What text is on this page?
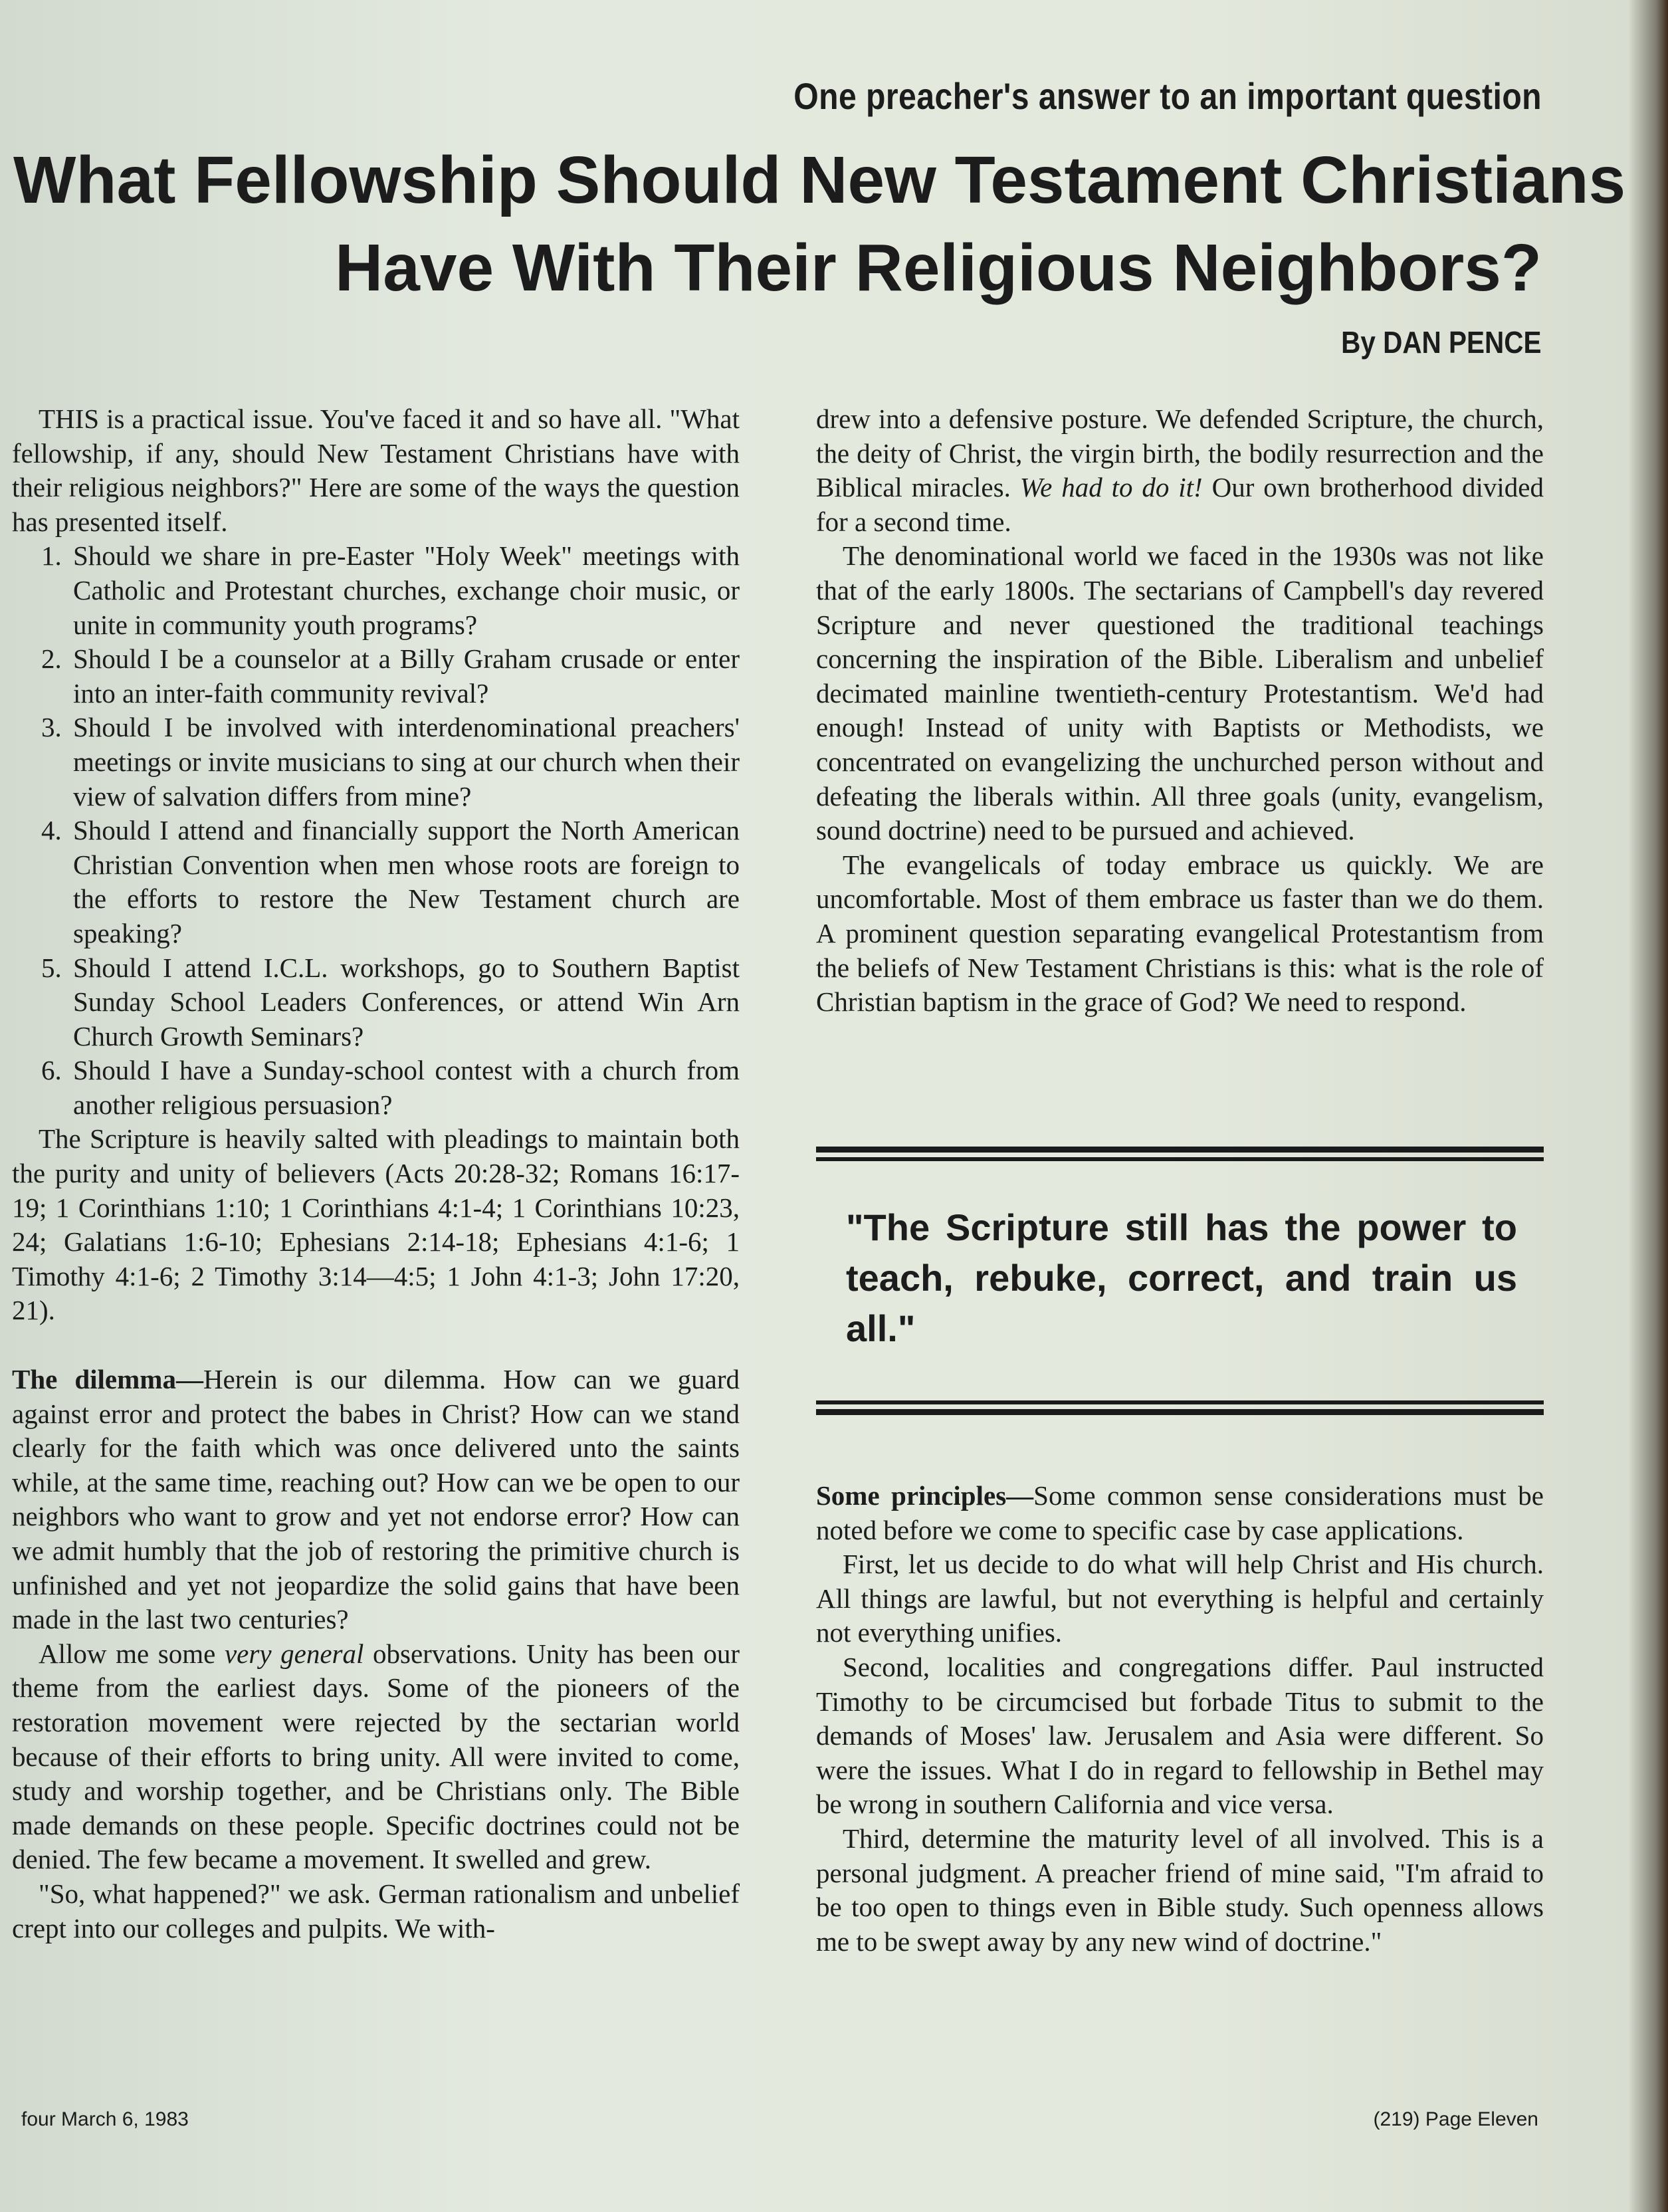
One preacher's answer to an important question
What Fellowship Should New Testament Christians
Have With Their Religious Neighbors?
By DAN PENCE

THIS is a practical issue. You've faced it and so have all. "What fellowship, if any, should New Testament Christians have with their religious neighbors?" Here are some of the ways the question has presented itself.

1. Should we share in pre-Easter "Holy Week" meetings with Catholic and Protestant churches, exchange choir music, or unite in community youth programs?
2. Should I be a counselor at a Billy Graham crusade or enter into an inter-faith community revival?
3. Should I be involved with interdenominational preachers' meetings or invite musicians to sing at our church when their view of salvation differs from mine?
4. Should I attend and financially support the North American Christian Convention when men whose roots are foreign to the efforts to restore the New Testament church are speaking?
5. Should I attend I.C.L. workshops, go to Southern Baptist Sunday School Leaders Conferences, or attend Win Arn Church Growth Seminars?
6. Should I have a Sunday-school contest with a church from another religious persuasion?

The Scripture is heavily salted with pleadings to maintain both the purity and unity of believers (Acts 20:28-32; Romans 16:17-19; 1 Corinthians 1:10; 1 Corinthians 4:1-4; 1 Corinthians 10:23, 24; Galatians 1:6-10; Ephesians 2:14-18; Ephesians 4:1-6; 1 Timothy 4:1-6; 2 Timothy 3:14—4:5; 1 John 4:1-3; John 17:20, 21).

The dilemma—Herein is our dilemma. How can we guard against error and protect the babes in Christ? How can we stand clearly for the faith which was once delivered unto the saints while, at the same time, reaching out? How can we be open to our neighbors who want to grow and yet not endorse error? How can we admit humbly that the job of restoring the primitive church is unfinished and yet not jeopardize the solid gains that have been made in the last two centuries?

Allow me some very general observations. Unity has been our theme from the earliest days. Some of the pioneers of the restoration movement were rejected by the sectarian world because of their efforts to bring unity. All were invited to come, study and worship together, and be Christians only. The Bible made demands on these people. Specific doctrines could not be denied. The few became a movement. It swelled and grew.

"So, what happened?" we ask. German rationalism and unbelief crept into our colleges and pulpits. We with-

drew into a defensive posture. We defended Scripture, the church, the deity of Christ, the virgin birth, the bodily resurrection and the Biblical miracles. We had to do it! Our own brotherhood divided for a second time.

The denominational world we faced in the 1930s was not like that of the early 1800s. The sectarians of Campbell's day revered Scripture and never questioned the traditional teachings concerning the inspiration of the Bible. Liberalism and unbelief decimated mainline twentieth-century Protestantism. We'd had enough! Instead of unity with Baptists or Methodists, we concentrated on evangelizing the unchurched person without and defeating the liberals within. All three goals (unity, evangelism, sound doctrine) need to be pursued and achieved.

The evangelicals of today embrace us quickly. We are uncomfortable. Most of them embrace us faster than we do them. A prominent question separating evangelical Protestantism from the beliefs of New Testament Christians is this: what is the role of Christian baptism in the grace of God? We need to respond.

"The Scripture still has the power to teach, rebuke, correct, and train us all."

Some principles—Some common sense considerations must be noted before we come to specific case by case applications.

First, let us decide to do what will help Christ and His church. All things are lawful, but not everything is helpful and certainly not everything unifies.

Second, localities and congregations differ. Paul instructed Timothy to be circumcised but forbade Titus to submit to the demands of Moses' law. Jerusalem and Asia were different. So were the issues. What I do in regard to fellowship in Bethel may be wrong in southern California and vice versa.

Third, determine the maturity level of all involved. This is a personal judgment. A preacher friend of mine said, "I'm afraid to be too open to things even in Bible study. Such openness allows me to be swept away by any new wind of doctrine."

four March 6, 1983	(219) Page Eleven
